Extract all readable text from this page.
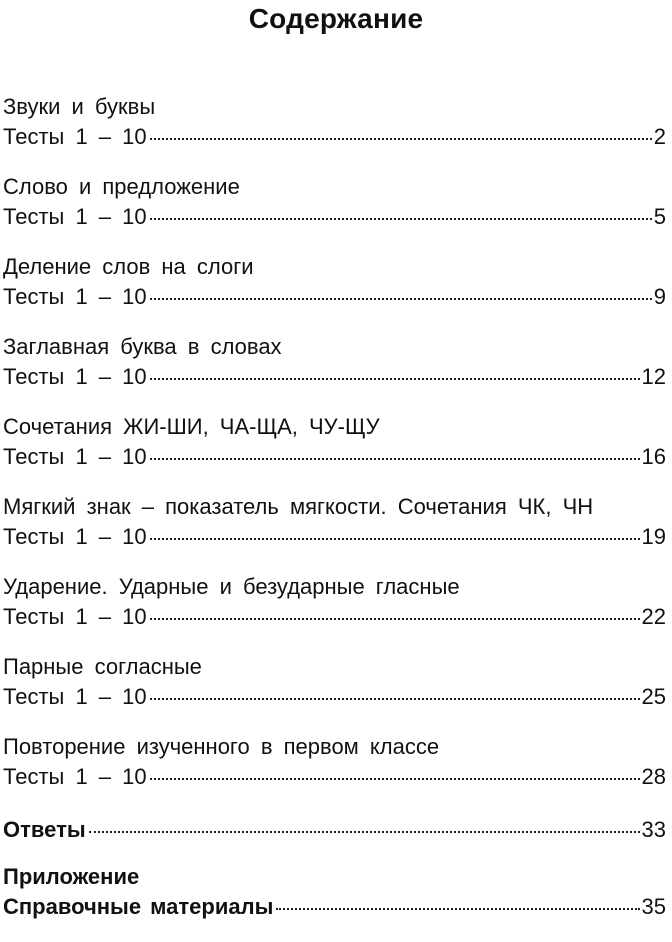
Содержание
Звуки и буквы
Тесты 1 – 10	2
Слово и предложение
Тесты 1 – 10	5
Деление слов на слоги
Тесты 1 – 10	9
Заглавная буква в словах
Тесты 1 – 10	12
Сочетания ЖИ-ШИ, ЧА-ЩА, ЧУ-ЩУ
Тесты 1 – 10	16
Мягкий знак – показатель мягкости. Сочетания ЧК, ЧН
Тесты 1 – 10	19
Ударение. Ударные и безударные гласные
Тесты 1 – 10	22
Парные согласные
Тесты 1 – 10	25
Повторение изученного в первом классе
Тесты 1 – 10	28
Ответы	33
Приложение
Справочные материалы	35
